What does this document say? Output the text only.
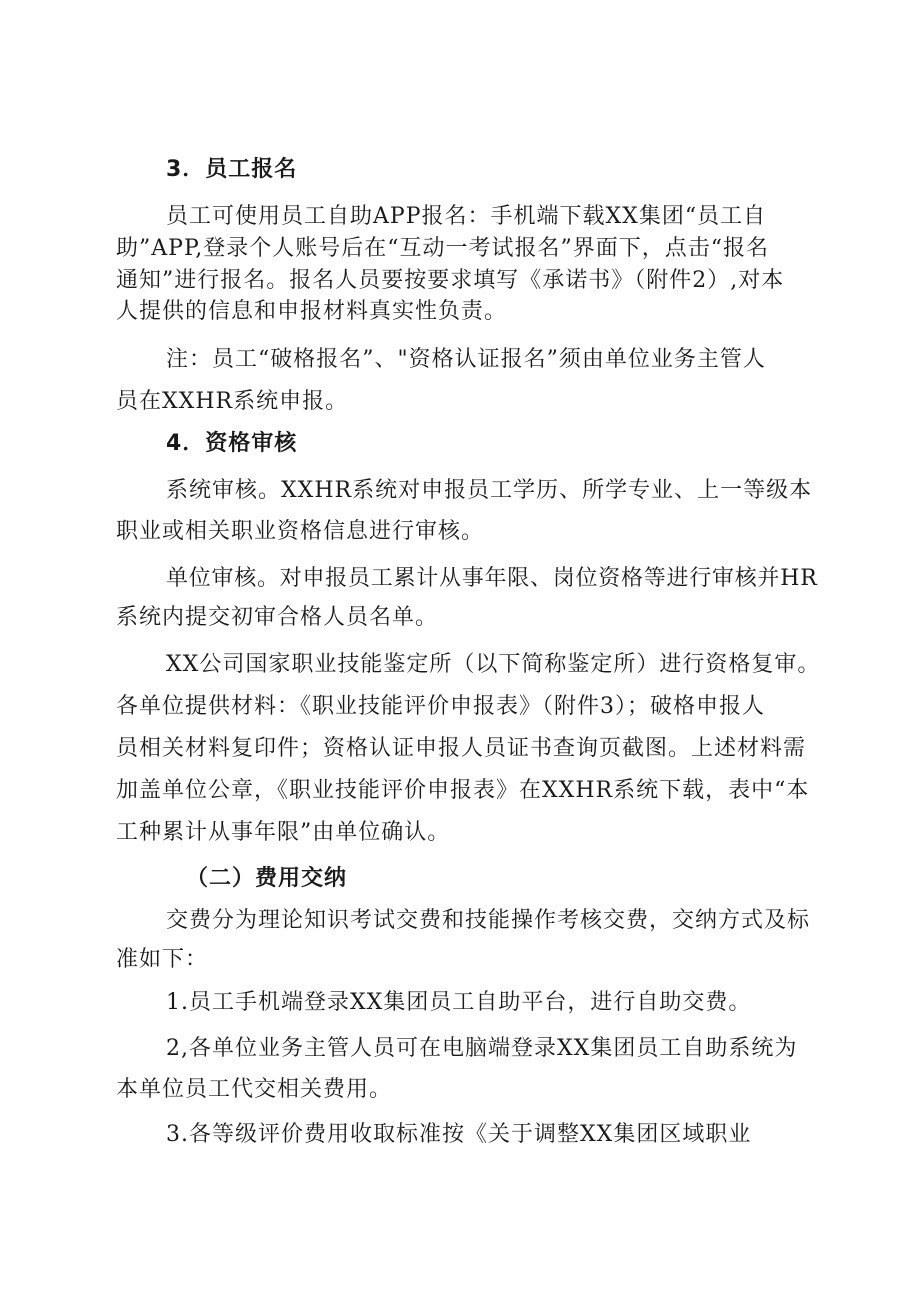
3．员工报名
员工可使用员工自助APP报名：手机端下载XX集团“员工自
助”APP,登录个人账号后在“互动一考试报名”界面下，点击“报名
通知”进行报名。报名人员要按要求填写《承诺书》（附件2）,对本
人提供的信息和申报材料真实性负责。
注：员工“破格报名”、"资格认证报名”须由单位业务主管人
员在XXHR系统申报。
4．资格审核
系统审核。XXHR系统对申报员工学历、所学专业、上一等级本
职业或相关职业资格信息进行审核。
单位审核。对申报员工累计从事年限、岗位资格等进行审核并HR
系统内提交初审合格人员名单。
XX公司国家职业技能鉴定所（以下简称鉴定所）进行资格复审。
各单位提供材料：《职业技能评价申报表》（附件3）；破格申报人
员相关材料复印件；资格认证申报人员证书查询页截图。上述材料需
加盖单位公章，《职业技能评价申报表》在XXHR系统下载，表中“本
工种累计从事年限”由单位确认。
（二）费用交纳
交费分为理论知识考试交费和技能操作考核交费，交纳方式及标
准如下：
1.员工手机端登录XX集团员工自助平台，进行自助交费。
2,各单位业务主管人员可在电脑端登录XX集团员工自助系统为
本单位员工代交相关费用。
3.各等级评价费用收取标准按《关于调整XX集团区域职业
